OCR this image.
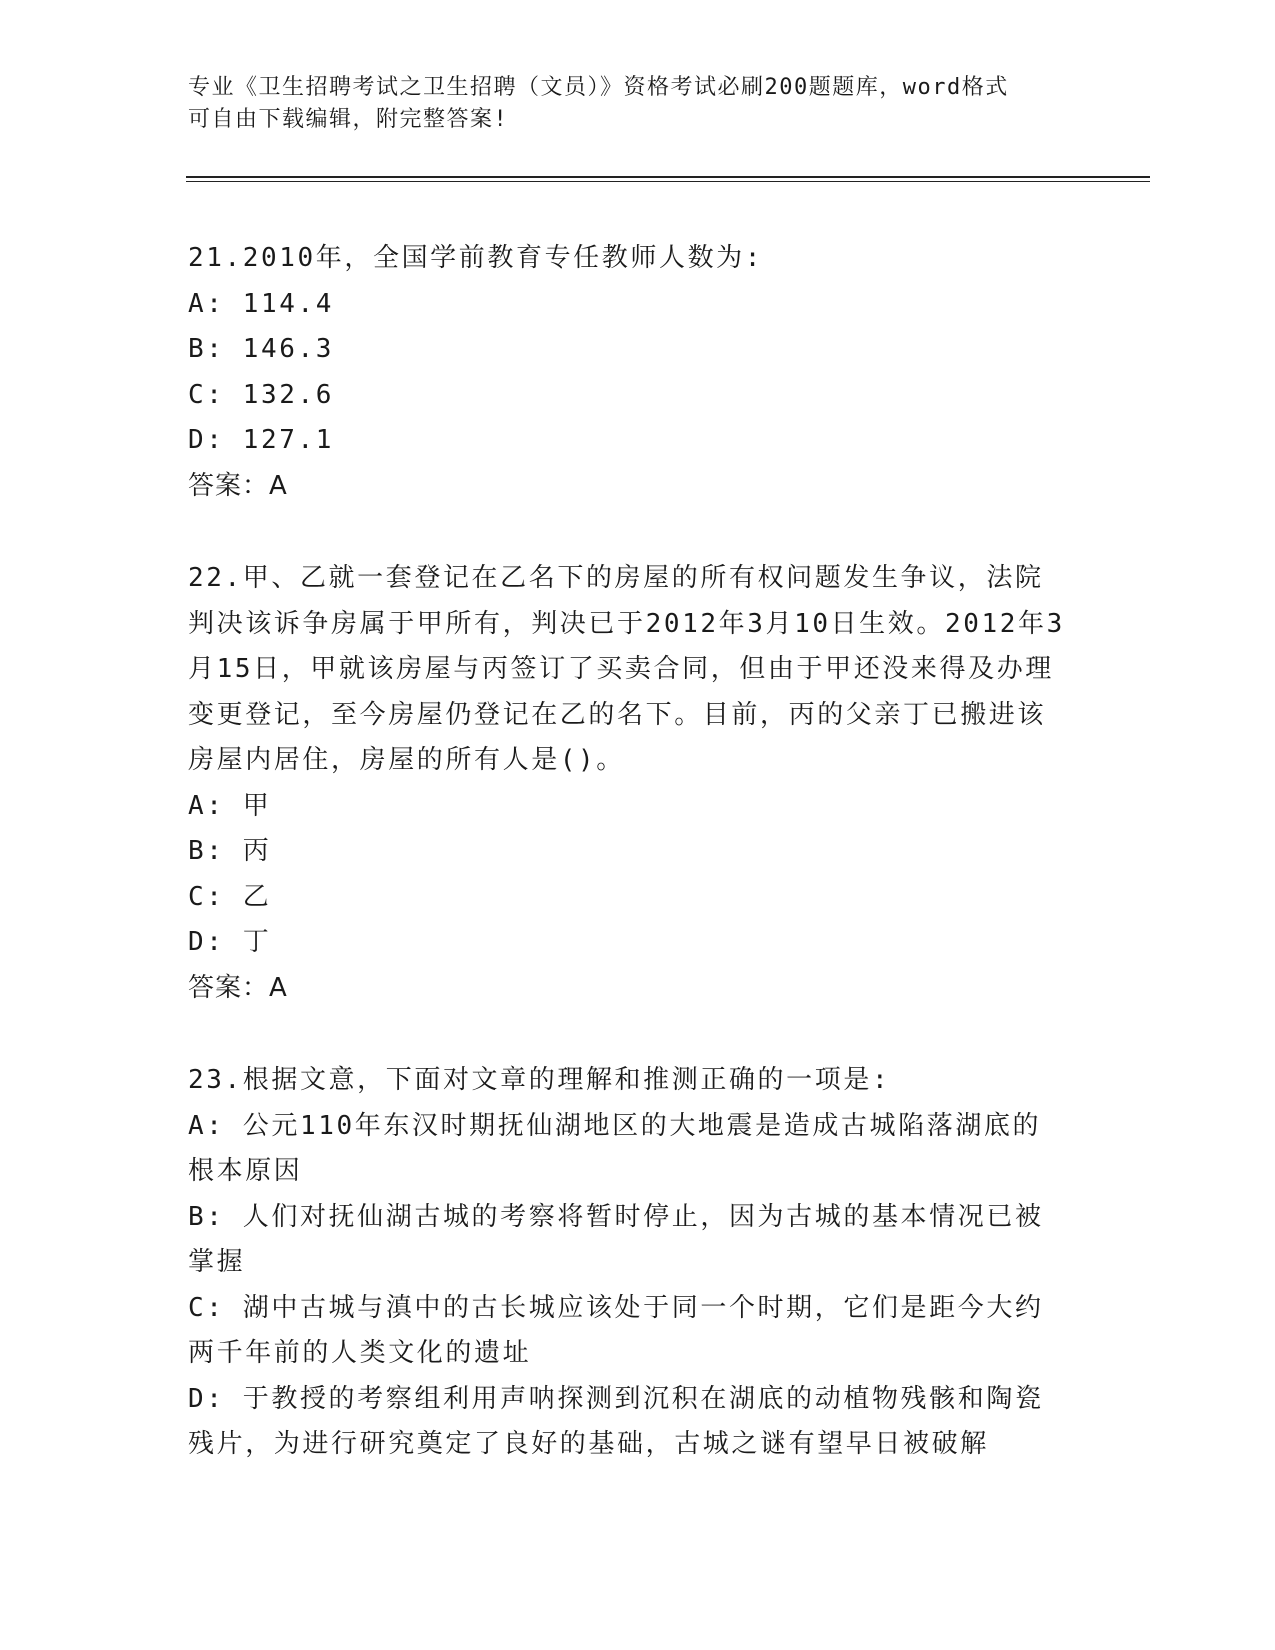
专业《卫生招聘考试之卫生招聘（文员）》资格考试必刷200题题库，word格式
可自由下载编辑，附完整答案!
21.2010年，全国学前教育专任教师人数为:
A: 114.4
B: 146.3
C: 132.6
D: 127.1
答案：A
22.甲、乙就一套登记在乙名下的房屋的所有权问题发生争议，法院判决该诉争房属于甲所有，判决已于2012年3月10日生效。2012年3月15日，甲就该房屋与丙签订了买卖合同，但由于甲还没来得及办理变更登记，至今房屋仍登记在乙的名下。目前，丙的父亲丁已搬进该房屋内居住，房屋的所有人是()。
A: 甲
B: 丙
C: 乙
D: 丁
答案：A
23.根据文意，下面对文章的理解和推测正确的一项是:
A: 公元110年东汉时期抚仙湖地区的大地震是造成古城陷落湖底的根本原因
B: 人们对抚仙湖古城的考察将暂时停止，因为古城的基本情况已被掌握
C: 湖中古城与滇中的古长城应该处于同一个时期，它们是距今大约两千年前的人类文化的遗址
D: 于教授的考察组利用声呐探测到沉积在湖底的动植物残骸和陶瓷残片，为进行研究奠定了良好的基础，古城之谜有望早日被破解
